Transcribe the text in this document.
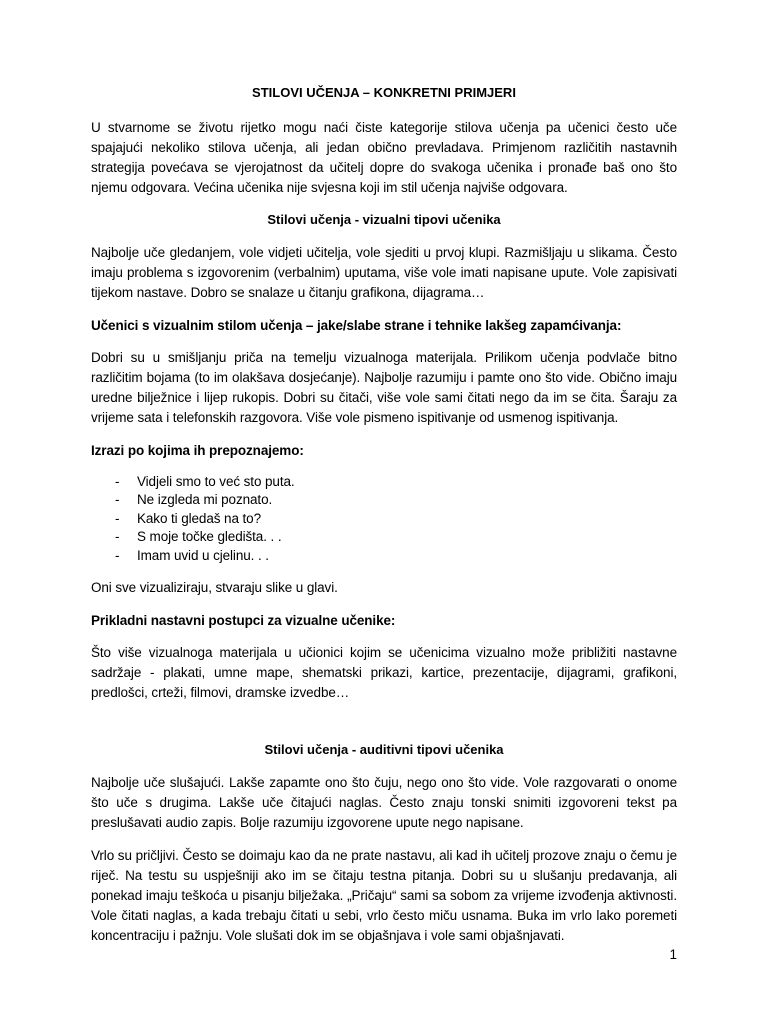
STILOVI UČENJA – KONKRETNI PRIMJERI

U stvarnome se životu rijetko mogu naći čiste kategorije stilova učenja pa učenici često uče spajajući nekoliko stilova učenja, ali jedan obično prevladava. Primjenom različitih nastavnih strategija povećava se vjerojatnost da učitelj dopre do svakoga učenika i pronađe baš ono što njemu odgovara. Većina učenika nije svjesna koji im stil učenja najviše odgovara.

Stilovi učenja - vizualni tipovi učenika

Najbolje uče gledanjem, vole vidjeti učitelja, vole sjediti u prvoj klupi. Razmišljaju u slikama. Često imaju problema s izgovorenim (verbalnim) uputama, više vole imati napisane upute. Vole zapisivati tijekom nastave. Dobro se snalaze u čitanju grafikona, dijagrama…

Učenici s vizualnim stilom učenja – jake/slabe strane i tehnike lakšeg zapamćivanja:

Dobri su u smišljanju priča na temelju vizualnoga materijala. Prilikom učenja podvlače bitno različitim bojama (to im olakšava dosjećanje). Najbolje razumiju i pamte ono što vide. Obično imaju uredne bilježnice i lijep rukopis. Dobri su čitači, više vole sami čitati nego da im se čita. Šaraju za vrijeme sata i telefonskih razgovora. Više vole pismeno ispitivanje od usmenog ispitivanja.

Izrazi po kojima ih prepoznajemo:

- Vidjeli smo to već sto puta.
- Ne izgleda mi poznato.
- Kako ti gledaš na to?
- S moje točke gledišta. . .
- Imam uvid u cjelinu. . .

Oni sve vizualiziraju, stvaraju slike u glavi.

Prikladni nastavni postupci za vizualne učenike:

Što više vizualnoga materijala u učionici kojim se učenicima vizualno može približiti nastavne sadržaje - plakati, umne mape, shematski prikazi, kartice, prezentacije, dijagrami, grafikoni, predlošci, crteži, filmovi, dramske izvedbe…

Stilovi učenja - auditivni tipovi učenika

Najbolje uče slušajući. Lakše zapamte ono što čuju, nego ono što vide. Vole razgovarati o onome što uče s drugima. Lakše uče čitajući naglas. Često znaju tonski snimiti izgovoreni tekst pa preslušavati audio zapis. Bolje razumiju izgovorene upute nego napisane.

Vrlo su pričljivi. Često se doimaju kao da ne prate nastavu, ali kad ih učitelj prozove znaju o čemu je riječ. Na testu su uspješniji ako im se čitaju testna pitanja. Dobri su u slušanju predavanja, ali ponekad imaju teškoća u pisanju bilježaka. „Pričaju“ sami sa sobom za vrijeme izvođenja aktivnosti. Vole čitati naglas, a kada trebaju čitati u sebi, vrlo često miču usnama. Buka im vrlo lako poremeti koncentraciju i pažnju. Vole slušati dok im se objašnjava i vole sami objašnjavati.

1
